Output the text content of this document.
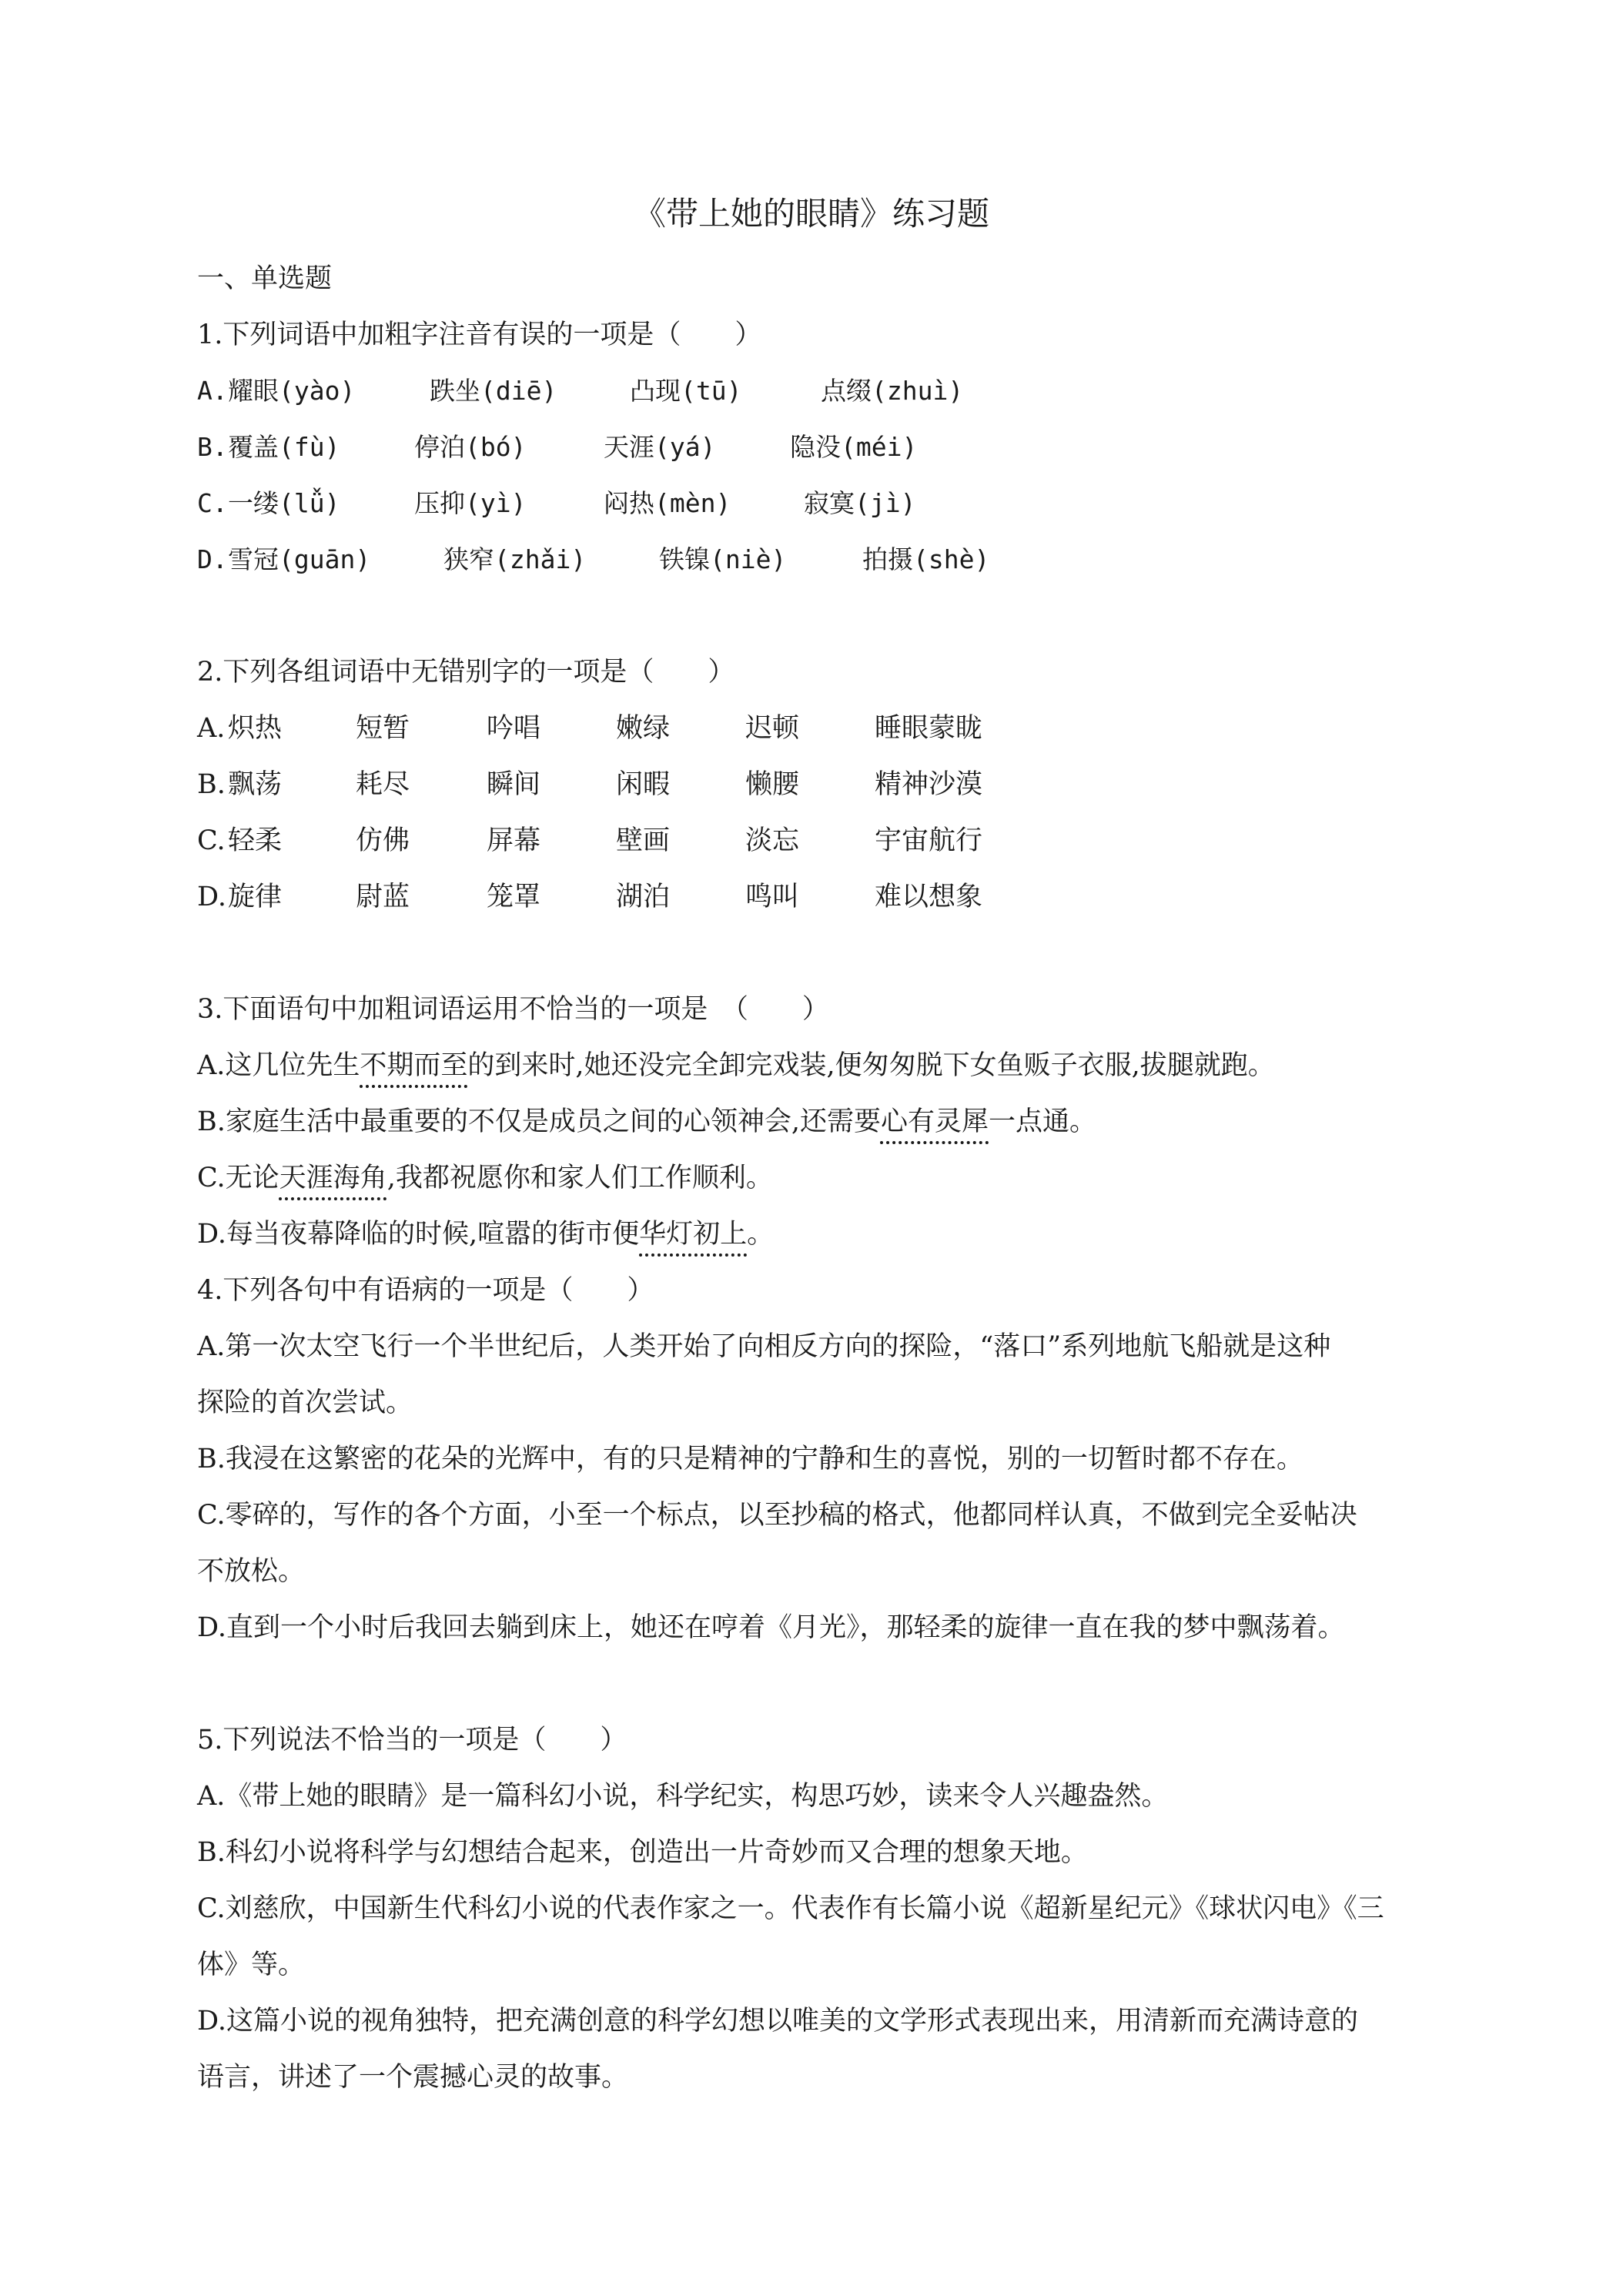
《带上她的眼睛》练习题
一、单选题
1.下列词语中加粗字注音有误的一项是（　　）
A. 耀眼(yào)	跌坐(diē)	凸现(tū)	点缀(zhuì)
B. 覆盖(fù)	停泊(bó)	天涯(yá)	隐没(méi)
C. 一缕(lǚ)	压抑(yì)	闷热(mèn)	寂寞(jì)
D. 雪冠(guān)	狭窄(zhǎi)	铁镍(niè)	拍摄(shè)
2.下列各组词语中无错别字的一项是（　　）
A. 炽热	短暂	吟唱	嫩绿	迟顿	睡眼蒙眬
B. 飘荡	耗尽	瞬间	闲暇	懒腰	精神沙漠
C. 轻柔	仿佛	屏幕	壁画	淡忘	宇宙航行
D. 旋律	尉蓝	笼罩	湖泊	鸣叫	难以想象
3.下面语句中加粗词语运用不恰当的一项是　（　　）
A.这几位先生不期而至的到来时,她还没完全卸完戏装,便匆匆脱下女鱼贩子衣服,拔腿就跑。
B.家庭生活中最重要的不仅是成员之间的心领神会,还需要心有灵犀一点通。
C.无论天涯海角,我都祝愿你和家人们工作顺利。
D.每当夜幕降临的时候,喧嚣的街市便华灯初上。
4.下列各句中有语病的一项是（　　）
A.第一次太空飞行一个半世纪后，人类开始了向相反方向的探险，“落口”系列地航飞船就是这种
探险的首次尝试。
B.我浸在这繁密的花朵的光辉中，有的只是精神的宁静和生的喜悦，别的一切暂时都不存在。
C.零碎的，写作的各个方面，小至一个标点，以至抄稿的格式，他都同样认真，不做到完全妥帖决
不放松。
D.直到一个小时后我回去躺到床上，她还在哼着《月光》，那轻柔的旋律一直在我的梦中飘荡着。
5.下列说法不恰当的一项是（　　）
A.《带上她的眼睛》是一篇科幻小说，科学纪实，构思巧妙，读来令人兴趣盎然。
B.科幻小说将科学与幻想结合起来，创造出一片奇妙而又合理的想象天地。
C.刘慈欣，中国新生代科幻小说的代表作家之一。代表作有长篇小说《超新星纪元》《球状闪电》《三
体》等。
D.这篇小说的视角独特，把充满创意的科学幻想以唯美的文学形式表现出来，用清新而充满诗意的
语言，讲述了一个震撼心灵的故事。
